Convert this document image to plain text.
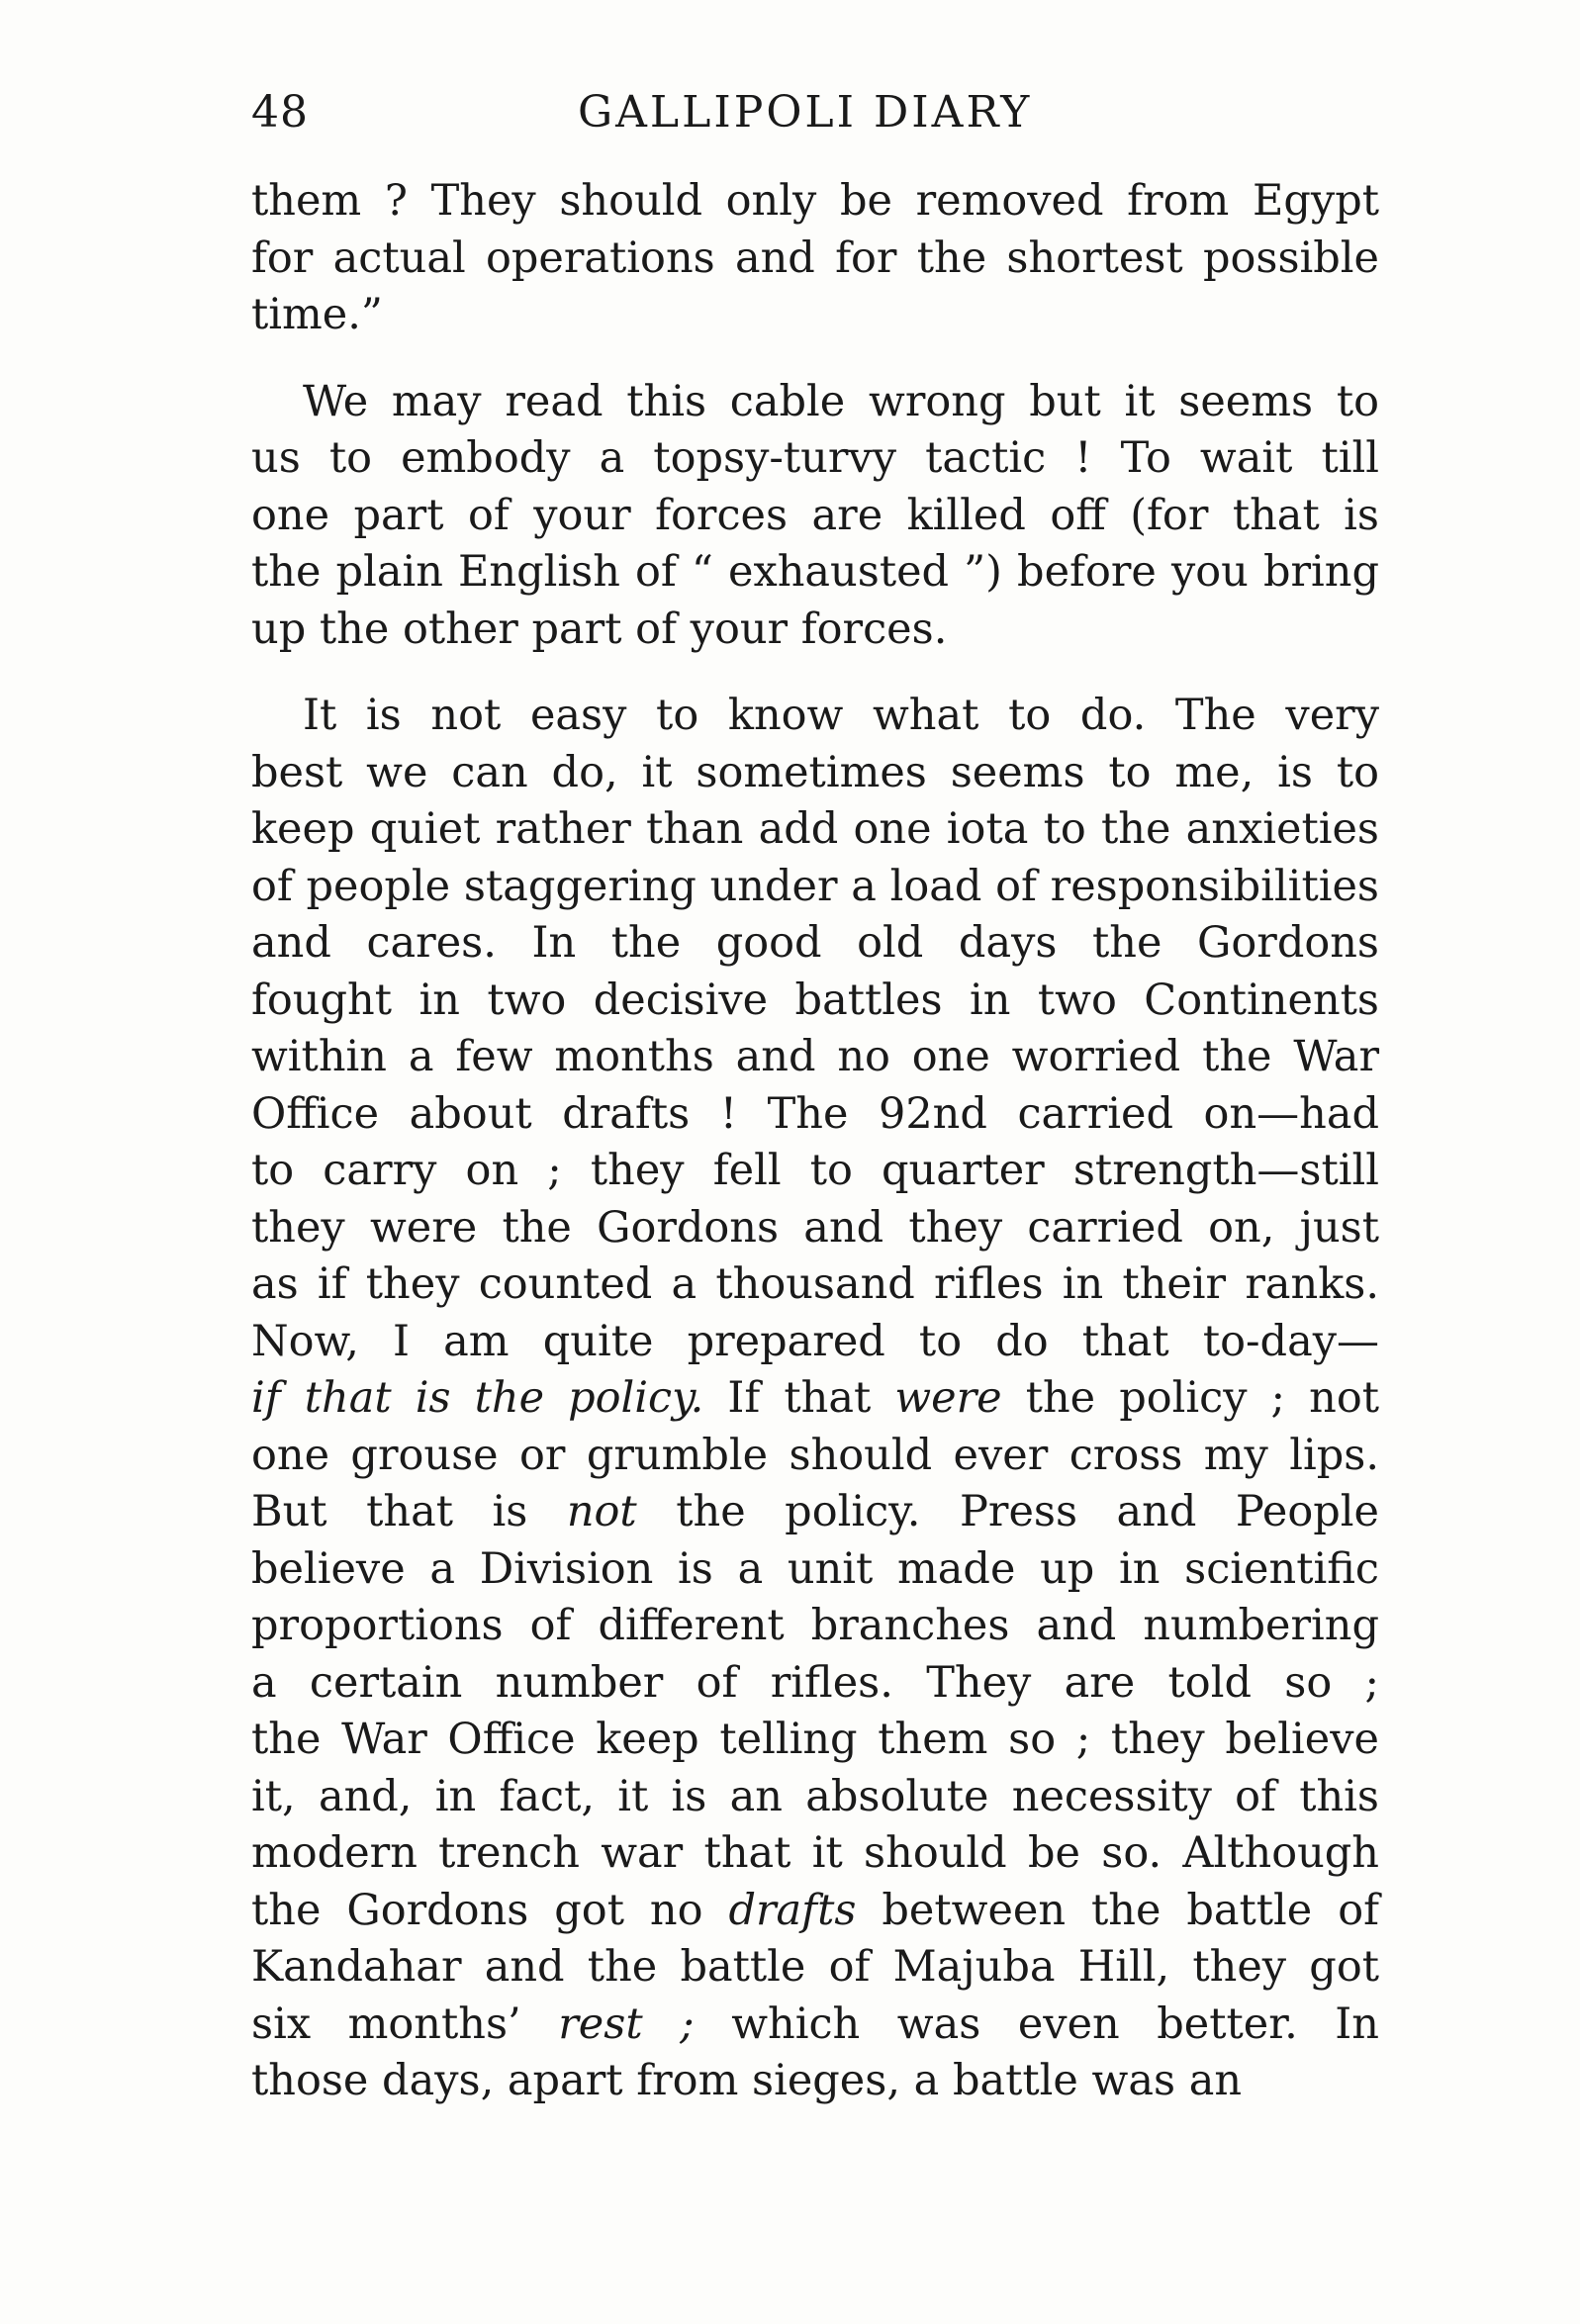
48	GALLIPOLI DIARY
them ? They should only be removed from Egypt
for actual operations and for the shortest possible
time.”
We may read this cable wrong but it seems to
us to embody a topsy-turvy tactic ! To wait till
one part of your forces are killed off (for that is
the plain English of “ exhausted ”) before you bring
up the other part of your forces.
It is not easy to know what to do. The very
best we can do, it sometimes seems to me, is to
keep quiet rather than add one iota to the anxieties
of people staggering under a load of responsibilities
and cares. In the good old days the Gordons
fought in two decisive battles in two Continents
within a few months and no one worried the War
Office about drafts ! The 92nd carried on—had
to carry on ; they fell to quarter strength—still
they were the Gordons and they carried on, just
as if they counted a thousand rifles in their ranks.
Now, I am quite prepared to do that to-day—
if that is the policy. If that were the policy ; not
one grouse or grumble should ever cross my lips.
But that is not the policy. Press and People
believe a Division is a unit made up in scientific
proportions of different branches and numbering
a certain number of rifles. They are told so ;
the War Office keep telling them so ; they believe
it, and, in fact, it is an absolute necessity of this
modern trench war that it should be so. Although
the Gordons got no drafts between the battle of
Kandahar and the battle of Majuba Hill, they got
six months’ rest ; which was even better. In
those days, apart from sieges, a battle was an
